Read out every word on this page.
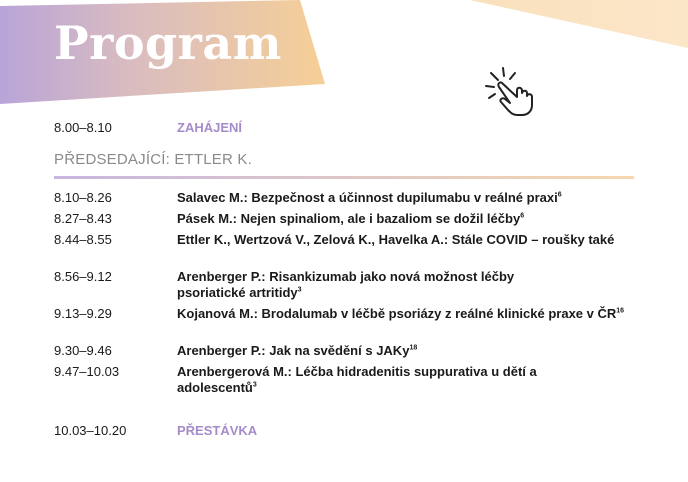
Program
8.00–8.10	ZAHÁJENÍ
PŘEDSEDAJÍCÍ: ETTLER K.
8.10–8.26	Salavec M.: Bezpečnost a účinnost dupilumabu v reálné praxi$^6$
8.27–8.43	Pásek M.: Nejen spinaliom, ale i bazaliom se dožil léčby$^6$
8.44–8.55	Ettler K., Wertzová V., Zelová K., Havelka A.: Stále COVID – roušky také
8.56–9.12	Arenberger P.: Risankizumab jako nová možnost léčby psoriatické artritidy$^3$
9.13–9.29	Kojanová M.: Brodalumab v léčbě psoriázy z reálné klinické praxe v ČR$^{16}$
9.30–9.46	Arenberger P.: Jak na svědění s JAKy$^{18}$
9.47–10.03	Arenbergerová M.: Léčba hidradenitis suppurativa u dětí a adolescentů$^3$
10.03–10.20	PŘESTÁVKA
